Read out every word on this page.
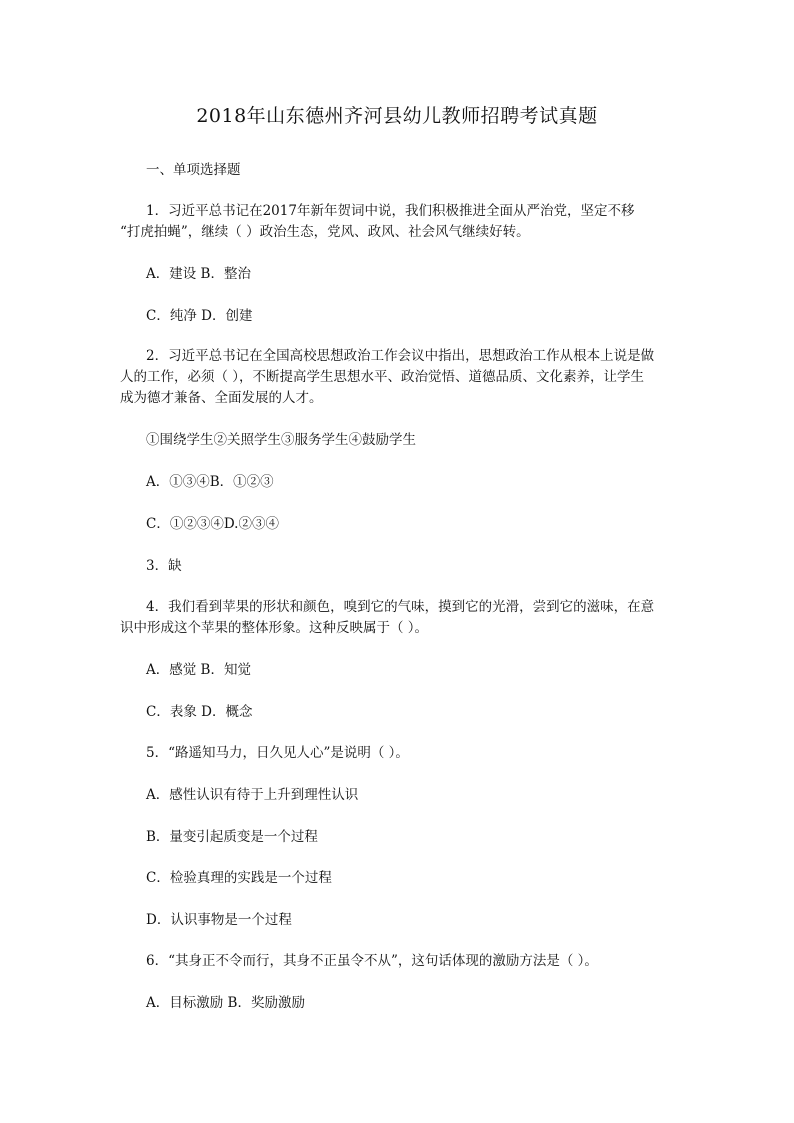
2018年山东德州齐河县幼儿教师招聘考试真题
一、单项选择题
1．习近平总书记在2017年新年贺词中说，我们积极推进全面从严治党，坚定不移
“打虎拍蝇”，继续（ ）政治生态，党风、政风、社会风气继续好转。
A．建设 B．整治
C．纯净 D．创建
2．习近平总书记在全国高校思想政治工作会议中指出，思想政治工作从根本上说是做
人的工作，必须（ ），不断提高学生思想水平、政治觉悟、道德品质、文化素养，让学生
成为德才兼备、全面发展的人才。
①围绕学生②关照学生③服务学生④鼓励学生
A．①③④B．①②③
C．①②③④D.②③④
3．缺
4．我们看到苹果的形状和颜色，嗅到它的气味，摸到它的光滑，尝到它的滋味，在意
识中形成这个苹果的整体形象。这种反映属于（ ）。
A．感觉 B．知觉
C．表象 D．概念
5．“路遥知马力，日久见人心”是说明（ ）。
A．感性认识有待于上升到理性认识
B．量变引起质变是一个过程
C．检验真理的实践是一个过程
D．认识事物是一个过程
6．“其身正不令而行，其身不正虽令不从”，这句话体现的激励方法是（ ）。
A．目标激励 B．奖励激励
